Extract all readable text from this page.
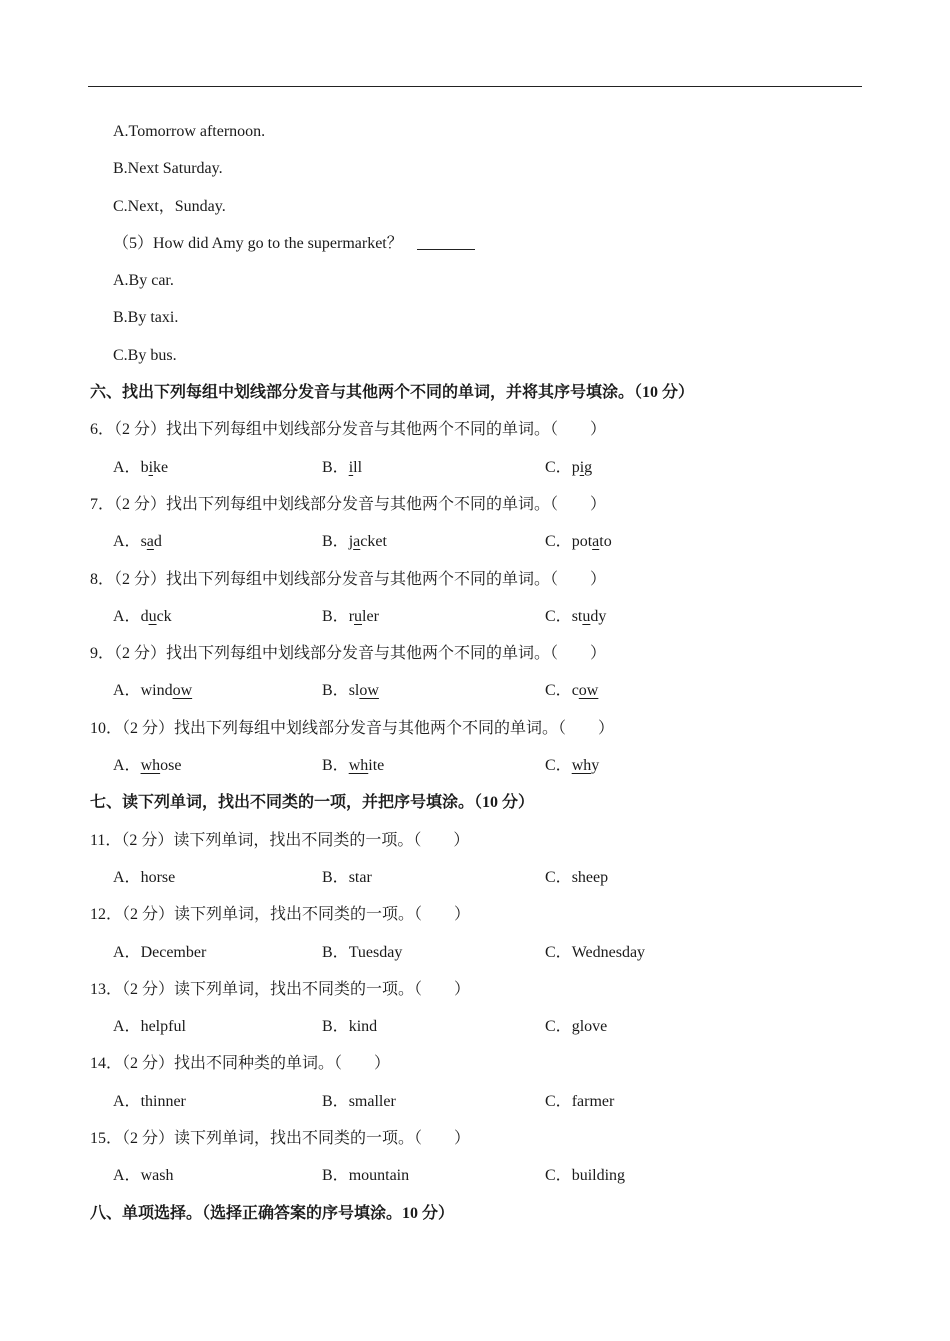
A.Tomorrow afternoon.
B.Next Saturday.
C.Next，Sunday.
（5）How did Amy go to the supermarket？
A.By car.
B.By taxi.
C.By bus.
六、找出下列每组中划线部分发音与其他两个不同的单词，并将其序号填涂。（10 分）
6．（2 分）找出下列每组中划线部分发音与其他两个不同的单词。（　　）
A．bike	B．ill	C．pig
7．（2 分）找出下列每组中划线部分发音与其他两个不同的单词。（　　）
A．sad	B．jacket	C．potato
8．（2 分）找出下列每组中划线部分发音与其他两个不同的单词。（　　）
A．duck	B．ruler	C．study
9．（2 分）找出下列每组中划线部分发音与其他两个不同的单词。（　　）
A．window	B．slow	C．cow
10．（2 分）找出下列每组中划线部分发音与其他两个不同的单词。（　　）
A．whose	B．white	C．why
七、读下列单词，找出不同类的一项，并把序号填涂。（10 分）
11．（2 分）读下列单词，找出不同类的一项。（　　）
A．horse	B．star	C．sheep
12．（2 分）读下列单词，找出不同类的一项。（　　）
A．December	B．Tuesday	C．Wednesday
13．（2 分）读下列单词，找出不同类的一项。（　　）
A．helpful	B．kind	C．glove
14．（2 分）找出不同种类的单词。（　　）
A．thinner	B．smaller	C．farmer
15．（2 分）读下列单词，找出不同类的一项。（　　）
A．wash	B．mountain	C．building
八、单项选择。（选择正确答案的序号填涂。10 分）
